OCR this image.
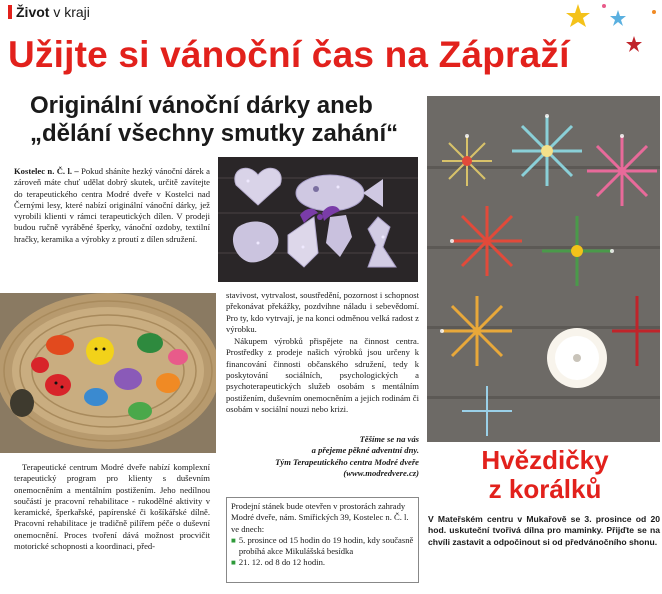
Život v kraji
Užijte si vánoční čas na Zápraží
Originální vánoční dárky aneb
„dělání všechny smutky zahání“

Kostelec n. Č. l. – Pokud sháníte hezký vánoční dárek a zároveň máte chuť udělat dobrý skutek, určitě zavítejte do terapeutického centra Modré dveře v Kostelci nad Černými lesy, které nabízí originální vánoční dárky, jež vyrobili klienti v rámci terapeutických dílen. V prodeji budou ručně vyráběné šperky, vánoční ozdoby, textilní hračky, keramika a výrobky z proutí z dílen sdružení.

Terapeutické centrum Modré dveře nabízí komplexní terapeutický program pro klienty s duševním onemocněním a mentálním postižením. Jeho nedílnou součástí je pracovní rehabilitace - rukodělné aktivity v keramické, šperkařské, papírenské či košíkářské dílně. Pracovní rehabilitace je tradičně pilířem péče o duševní onemocnění. Proces tvoření dává možnost procvičit motorické schopnosti a koordinaci, před-

stavivost, vytrvalost, soustředění, pozornost i schopnost překonávat překážky, pozdvihne náladu i sebevědomí. Pro ty, kdo vytrvají, je na konci odměnou velká radost z výrobku.

Nákupem výrobků přispějete na činnost centra. Prostředky z prodeje našich výrobků jsou určeny k financování činnosti občanského sdružení, tedy k poskytování sociálních, psychologických a psychoterapeutických služeb osobám s mentálním postižením, duševním onemocněním a jejich rodinám či osobám v sociální nouzi nebo krizi.

Těšíme se na vás
a přejeme pěkné adventní dny.
Tým Terapeutického centra Modré dveře
(www.modredvere.cz)
Prodejní stánek bude otevřen v prostorách zahrady Modré dveře, nám. Smiřických 39, Kostelec n. Č. l. ve dnech:
■ 5. prosince od 15 hodin do 19 hodin, kdy současně probíhá akce Mikulášská besídka
■ 21. 12. od 8 do 12 hodin.
Hvězdičky
z korálků
V Mateřském centru v Mukařově se 3. prosince od 20 hod. uskuteční tvořivá dílna pro maminky. Přijďte se na chvíli zastavit a odpočinout si od předvánočního shonu.
